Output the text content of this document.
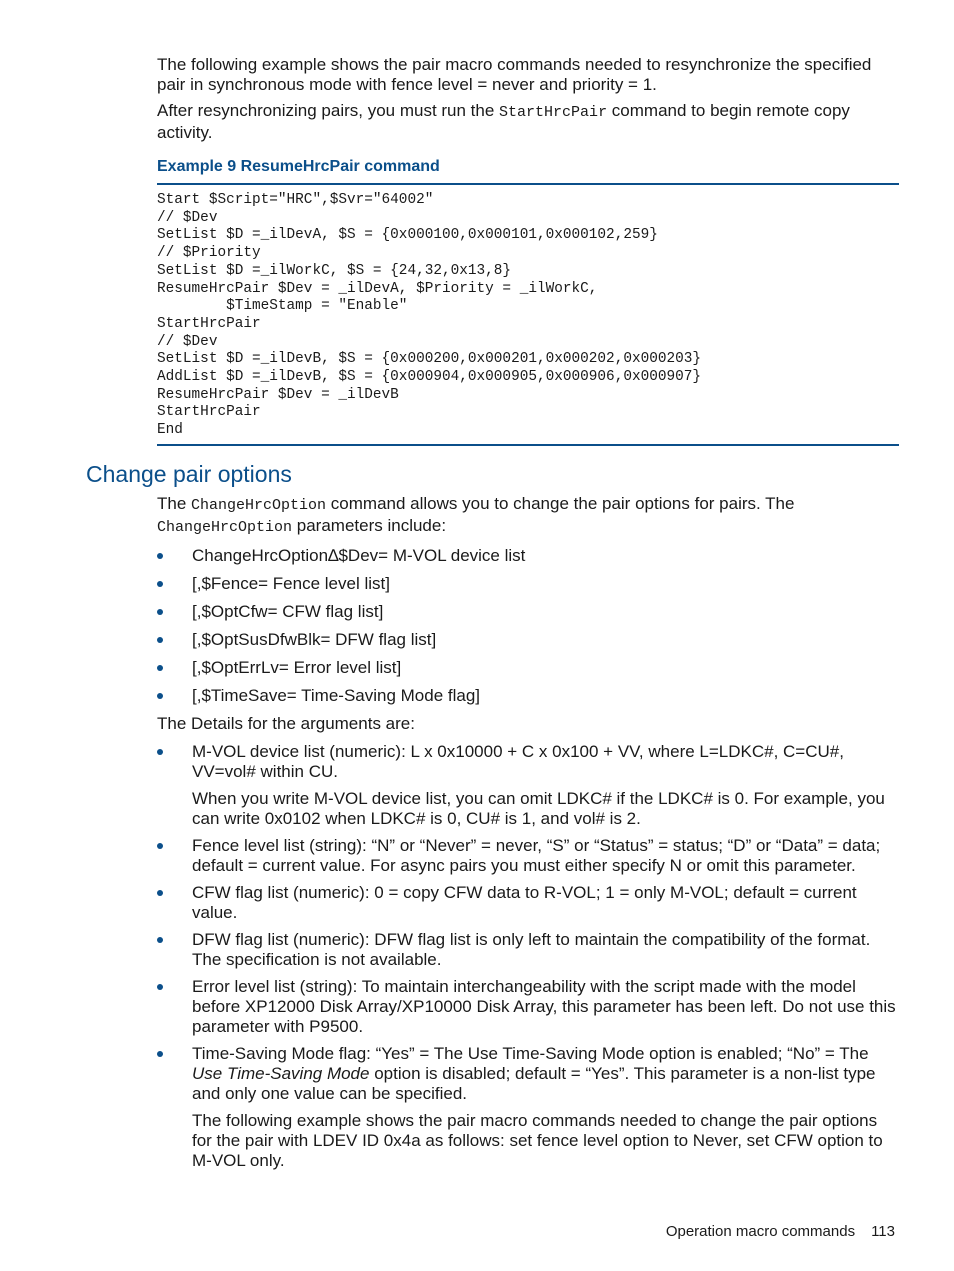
The following example shows the pair macro commands needed to resynchronize the specified pair in synchronous mode with fence level = never and priority = 1.

After resynchronizing pairs, you must run the StartHrcPair command to begin remote copy activity.

Example 9 ResumeHrcPair command
Start $Script="HRC",$Svr="64002"
// $Dev
SetList $D =_ilDevA, $S = {0x000100,0x000101,0x000102,259}
// $Priority
SetList $D =_ilWorkC, $S = {24,32,0x13,8}
ResumeHrcPair $Dev = _ilDevA, $Priority = _ilWorkC,
$TimeStamp = "Enable"
StartHrcPair
// $Dev
SetList $D =_ilDevB, $S = {0x000200,0x000201,0x000202,0x000203}
AddList $D =_ilDevB, $S = {0x000904,0x000905,0x000906,0x000907}
ResumeHrcPair $Dev = _ilDevB
StartHrcPair
End
Change pair options

The ChangeHrcOption command allows you to change the pair options for pairs. The ChangeHrcOption parameters include:

ChangeHrcOption∆$Dev= M-VOL device list
[,$Fence= Fence level list]
[,$OptCfw= CFW flag list]
[,$OptSusDfwBlk= DFW flag list]
[,$OptErrLv= Error level list]
[,$TimeSave= Time-Saving Mode flag]

The Details for the arguments are:

M-VOL device list (numeric): L x 0x10000 + C x 0x100 + VV, where L=LDKC#, C=CU#, VV=vol# within CU.

When you write M-VOL device list, you can omit LDKC# if the LDKC# is 0. For example, you can write 0x0102 when LDKC# is 0, CU# is 1, and vol# is 2.

Fence level list (string): “N” or “Never” = never, “S” or “Status” = status; “D” or “Data” = data; default = current value. For async pairs you must either specify N or omit this parameter.

CFW flag list (numeric): 0 = copy CFW data to R-VOL; 1 = only M-VOL; default = current value.

DFW flag list (numeric): DFW flag list is only left to maintain the compatibility of the format. The specification is not available.

Error level list (string): To maintain interchangeability with the script made with the model before XP12000 Disk Array/XP10000 Disk Array, this parameter has been left. Do not use this parameter with P9500.

Time-Saving Mode flag: “Yes” = The Use Time-Saving Mode option is enabled; “No” = The Use Time-Saving Mode option is disabled; default = “Yes”. This parameter is a non-list type and only one value can be specified.

The following example shows the pair macro commands needed to change the pair options for the pair with LDEV ID 0x4a as follows: set fence level option to Never, set CFW option to M-VOL only.

Operation macro commands 113
